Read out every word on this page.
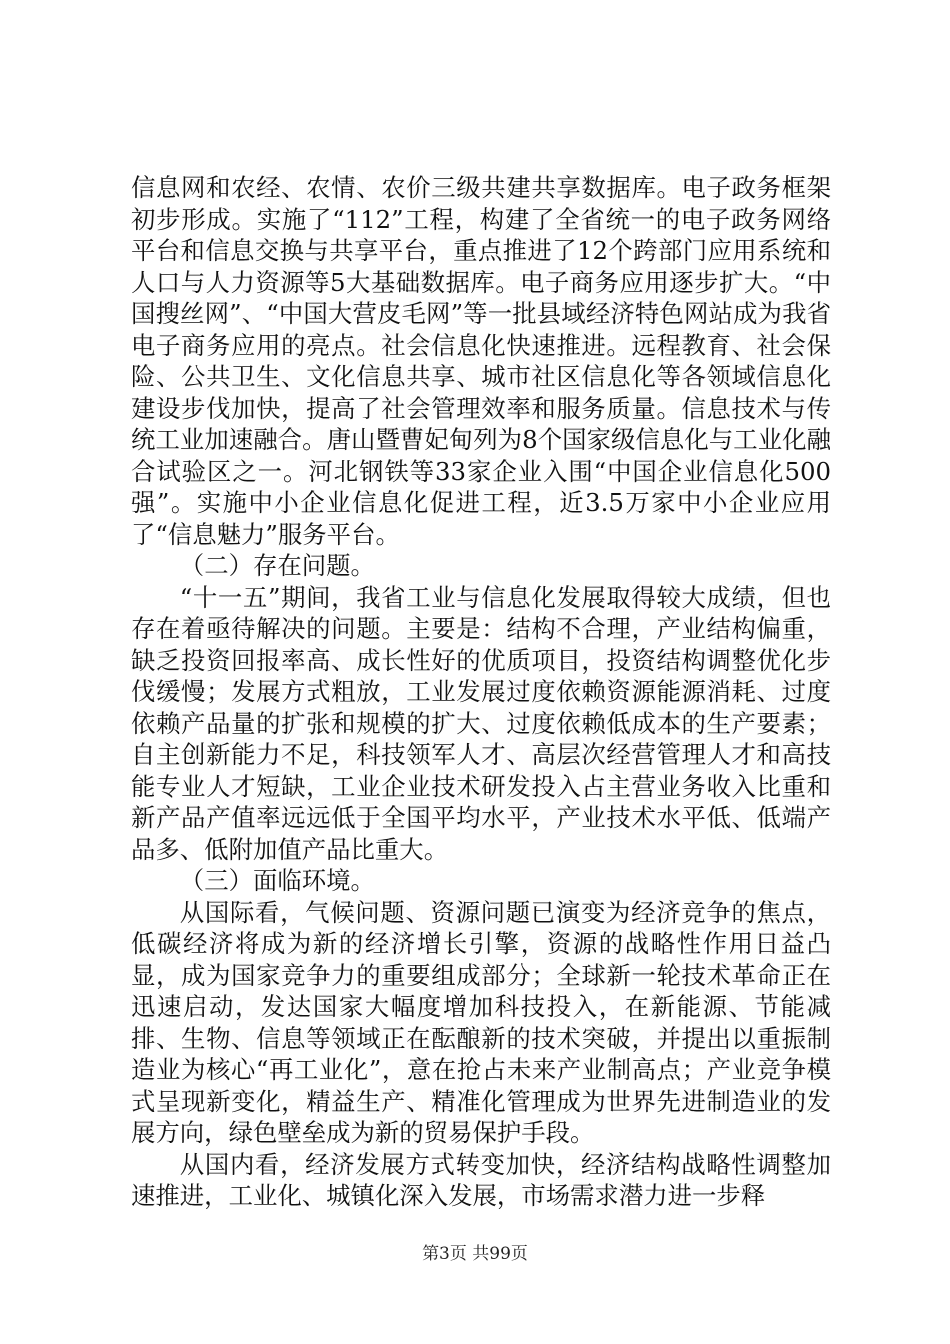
信息网和农经、农情、农价三级共建共享数据库。电子政务框架初步形成。实施了“112”工程，构建了全省统一的电子政务网络平台和信息交换与共享平台，重点推进了12个跨部门应用系统和人口与人力资源等5大基础数据库。电子商务应用逐步扩大。“中国搜丝网”、“中国大营皮毛网”等一批县域经济特色网站成为我省电子商务应用的亮点。社会信息化快速推进。远程教育、社会保险、公共卫生、文化信息共享、城市社区信息化等各领域信息化建设步伐加快，提高了社会管理效率和服务质量。信息技术与传统工业加速融合。唐山暨曹妃甸列为8个国家级信息化与工业化融合试验区之一。河北钢铁等33家企业入围“中国企业信息化500强”。实施中小企业信息化促进工程，近3.5万家中小企业应用了“信息魅力”服务平台。

（二）存在问题。

“十一五”期间，我省工业与信息化发展取得较大成绩，但也存在着亟待解决的问题。主要是：结构不合理，产业结构偏重，缺乏投资回报率高、成长性好的优质项目，投资结构调整优化步伐缓慢；发展方式粗放，工业发展过度依赖资源能源消耗、过度依赖产品量的扩张和规模的扩大、过度依赖低成本的生产要素；自主创新能力不足，科技领军人才、高层次经营管理人才和高技能专业人才短缺，工业企业技术研发投入占主营业务收入比重和新产品产值率远远低于全国平均水平，产业技术水平低、低端产品多、低附加值产品比重大。

（三）面临环境。

从国际看，气候问题、资源问题已演变为经济竞争的焦点，低碳经济将成为新的经济增长引擎，资源的战略性作用日益凸显，成为国家竞争力的重要组成部分；全球新一轮技术革命正在迅速启动，发达国家大幅度增加科技投入，在新能源、节能减排、生物、信息等领域正在酝酿新的技术突破，并提出以重振制造业为核心“再工业化”，意在抢占未来产业制高点；产业竞争模式呈现新变化，精益生产、精准化管理成为世界先进制造业的发展方向，绿色壁垒成为新的贸易保护手段。

从国内看，经济发展方式转变加快，经济结构战略性调整加速推进，工业化、城镇化深入发展，市场需求潜力进一步释

第3页 共99页
